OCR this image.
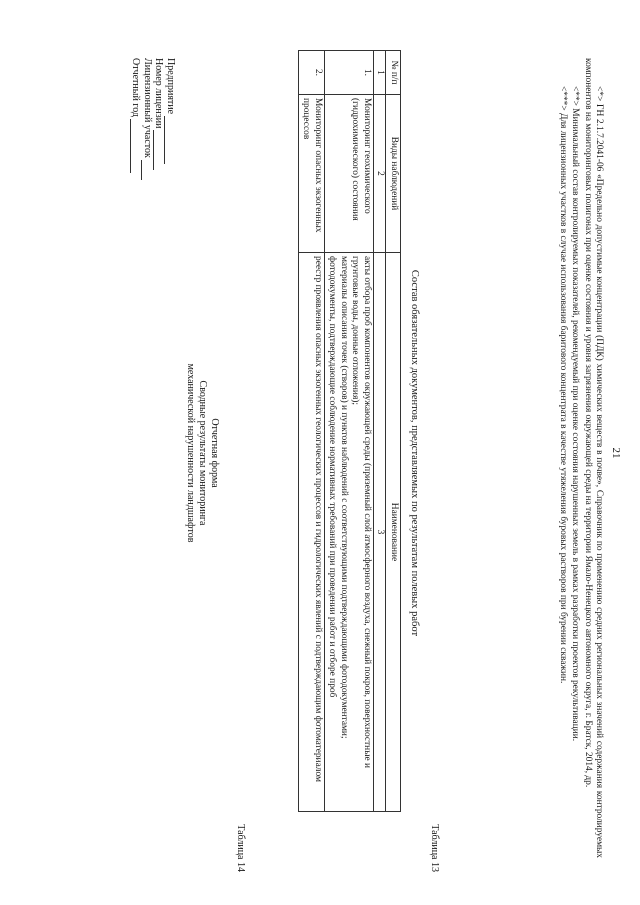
21

<*> ГН 2.1.7.2041-06 «Предельно допустимые концентрации (ПДК) химических веществ в почве», Справочник по применению средних региональных значений содержания контролируемых компонентов на мониторинговых полигонах при оценке состояния и уровня загрязнения окружающей среды на территории Ямало-Ненецкого автономного округа, г. Братск, 2014, др.

<**> Минимальный состав контролируемых показателей, рекомендуемый при оценке состояния нарушенных земель в рамках разработки проектов рекультивации.

<***> Для лицензионных участков в случае использования баритового концентрата в качестве утяжеления буровых растворов при бурении скважин.

Таблица 13
Состав обязательных документов, представляемых по результатам полевых работ
№ п/п	Виды наблюдений	Наименование
1	2	3
1.	Мониторинг геохимического (гидрохимического) состояния	акты отбора проб компонентов окружающей среды (приземный слой атмосферного воздуха, снежный покров, поверхностные и грунтовые воды, донные отложения);
материалы описания точек (створов) и пунктов наблюдений с соответствующими подтверждающими фотодокументами;
фотодокументы, подтверждающие соблюдение нормативных требований при проведении работ и отборе проб

2.	Мониторинг опасных экзогенных процессов	реестр проявления опасных экзогенных геологических процессов и гидрологических явлений с подтверждающим фотоматериалом
Таблица 14
Отчетная форма
Сводные результаты мониторинга
механической нарушенности ландшафтов
Предприятие
Номер лицензии
Лицензионный участок
Отчетный год
